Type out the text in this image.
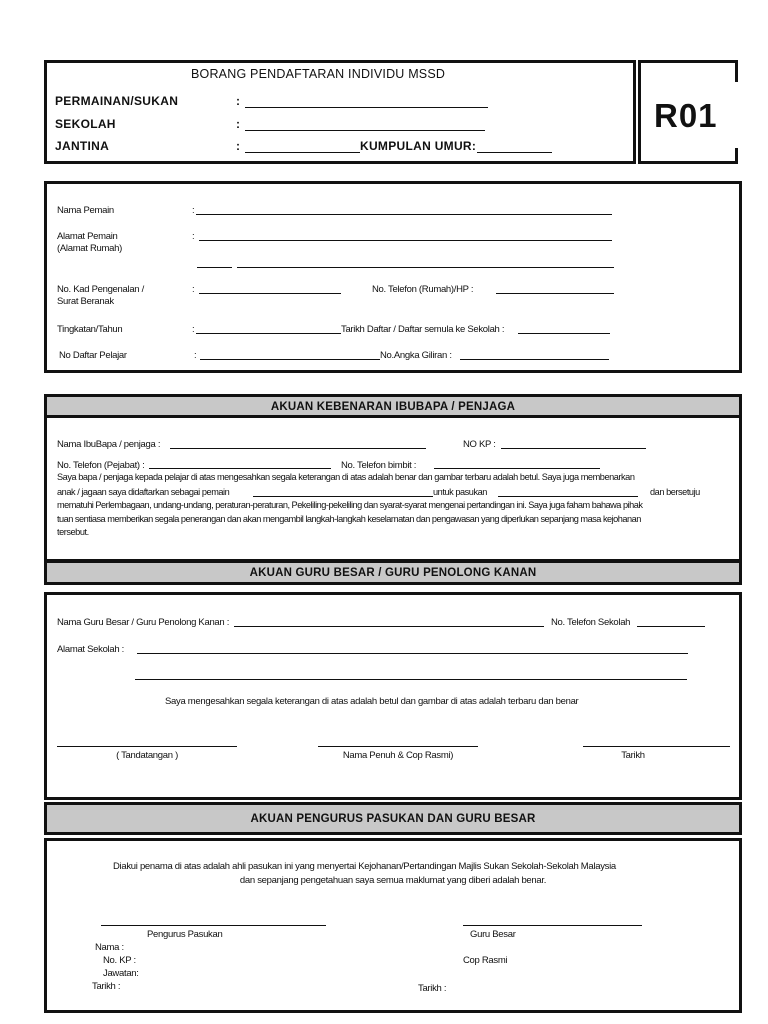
BORANG PENDAFTARAN INDIVIDU MSSD
PERMAINAN/SUKAN	:
SEKOLAH	:
JANTINA	:	KUMPULAN UMUR:
R01
Nama Pemain	:
Alamat Pemain
(Alamat Rumah)
:
No. Kad Pengenalan /
Surat Beranak
:	No. Telefon (Rumah)/HP :
Tingkatan/Tahun	:	Tarikh Daftar / Daftar semula ke Sekolah :
No Daftar Pelajar	:	No.Angka Giliran :
AKUAN KEBENARAN IBUBAPA / PENJAGA
Nama IbuBapa / penjaga :	NO KP :
No. Telefon (Pejabat) :	No. Telefon bimbit :
Saya bapa / penjaga kepada pelajar di atas mengesahkan segala keterangan di atas adalah benar dan gambar terbaru adalah betul. Saya juga membenarkan
anak / jagaan saya didaftarkan sebagai pemain	untuk pasukan	dan bersetuju
mematuhi Perlembagaan, undang-undang, peraturan-peraturan, Pekeliling-pekeliling dan syarat-syarat mengenai pertandingan ini. Saya juga faham bahawa pihak
tuan sentiasa memberikan segala penerangan dan akan mengambil langkah-langkah keselamatan dan pengawasan yang diperlukan sepanjang masa kejohanan
tersebut.
AKUAN GURU BESAR / GURU PENOLONG KANAN
Nama Guru Besar / Guru Penolong Kanan :	No. Telefon Sekolah
Alamat Sekolah :
Saya mengesahkan segala keterangan di atas adalah betul dan gambar di atas adalah terbaru dan benar
( Tandatangan )	Nama Penuh & Cop Rasmi)	Tarikh
AKUAN PENGURUS PASUKAN DAN GURU BESAR
Diakui penama di atas adalah ahli pasukan ini yang menyertai Kejohanan/Pertandingan Majlis Sukan Sekolah-Sekolah Malaysia
dan sepanjang pengetahuan saya semua maklumat yang diberi adalah benar.
Pengurus Pasukan	Guru Besar
Nama :
No. KP :	Cop Rasmi
Jawatan:
Tarikh :	Tarikh :
